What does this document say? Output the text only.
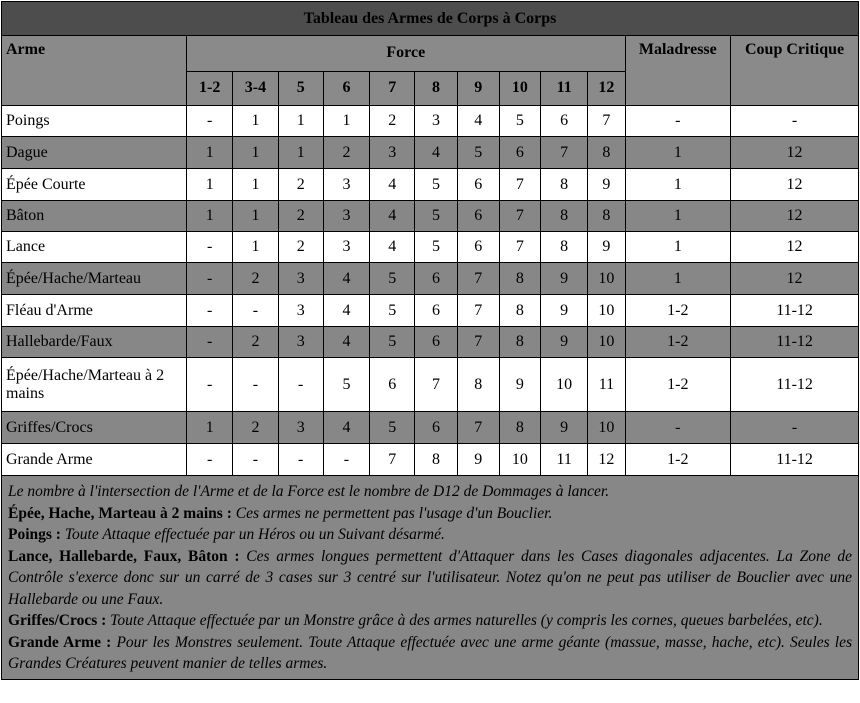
Tableau des Armes de Corps à Corps												
Arme	Force										Maladresse	Coup Critique
	1-2	3-4	5	6	7	8	9	10	11	12		
Poings	-	1	1	1	2	3	4	5	6	7	-	-
Dague	1	1	1	2	3	4	5	6	7	8	1	12
Épée Courte	1	1	2	3	4	5	6	7	8	9	1	12
Bâton	1	1	2	3	4	5	6	7	8	8	1	12
Lance	-	1	2	3	4	5	6	7	8	9	1	12
Épée/Hache/Marteau	-	2	3	4	5	6	7	8	9	10	1	12
Fléau d'Arme	-	-	3	4	5	6	7	8	9	10	1-2	11-12
Hallebarde/Faux	-	2	3	4	5	6	7	8	9	10	1-2	11-12
Épée/Hache/Marteau à 2 mains	-	-	-	5	6	7	8	9	10	11	1-2	11-12
Griffes/Crocs	1	2	3	4	5	6	7	8	9	10	-	-
Grande Arme	-	-	-	-	7	8	9	10	11	12	1-2	11-12

Le nombre à l'intersection de l'Arme et de la Force est le nombre de D12 de Dommages à lancer.

Épée, Hache, Marteau à 2 mains : Ces armes ne permettent pas l'usage d'un Bouclier.

Poings : Toute Attaque effectuée par un Héros ou un Suivant désarmé.

Lance, Hallebarde, Faux, Bâton : Ces armes longues permettent d'Attaquer dans les Cases diagonales adjacentes. La Zone de Contrôle s'exerce donc sur un carré de 3 cases sur 3 centré sur l'utilisateur. Notez qu'on ne peut pas utiliser de Bouclier avec une Hallebarde ou une Faux.

Griffes/Crocs : Toute Attaque effectuée par un Monstre grâce à des armes naturelles (y compris les cornes, queues barbelées, etc).

Grande Arme : Pour les Monstres seulement. Toute Attaque effectuée avec une arme géante (massue, masse, hache, etc). Seules les Grandes Créatures peuvent manier de telles armes.
